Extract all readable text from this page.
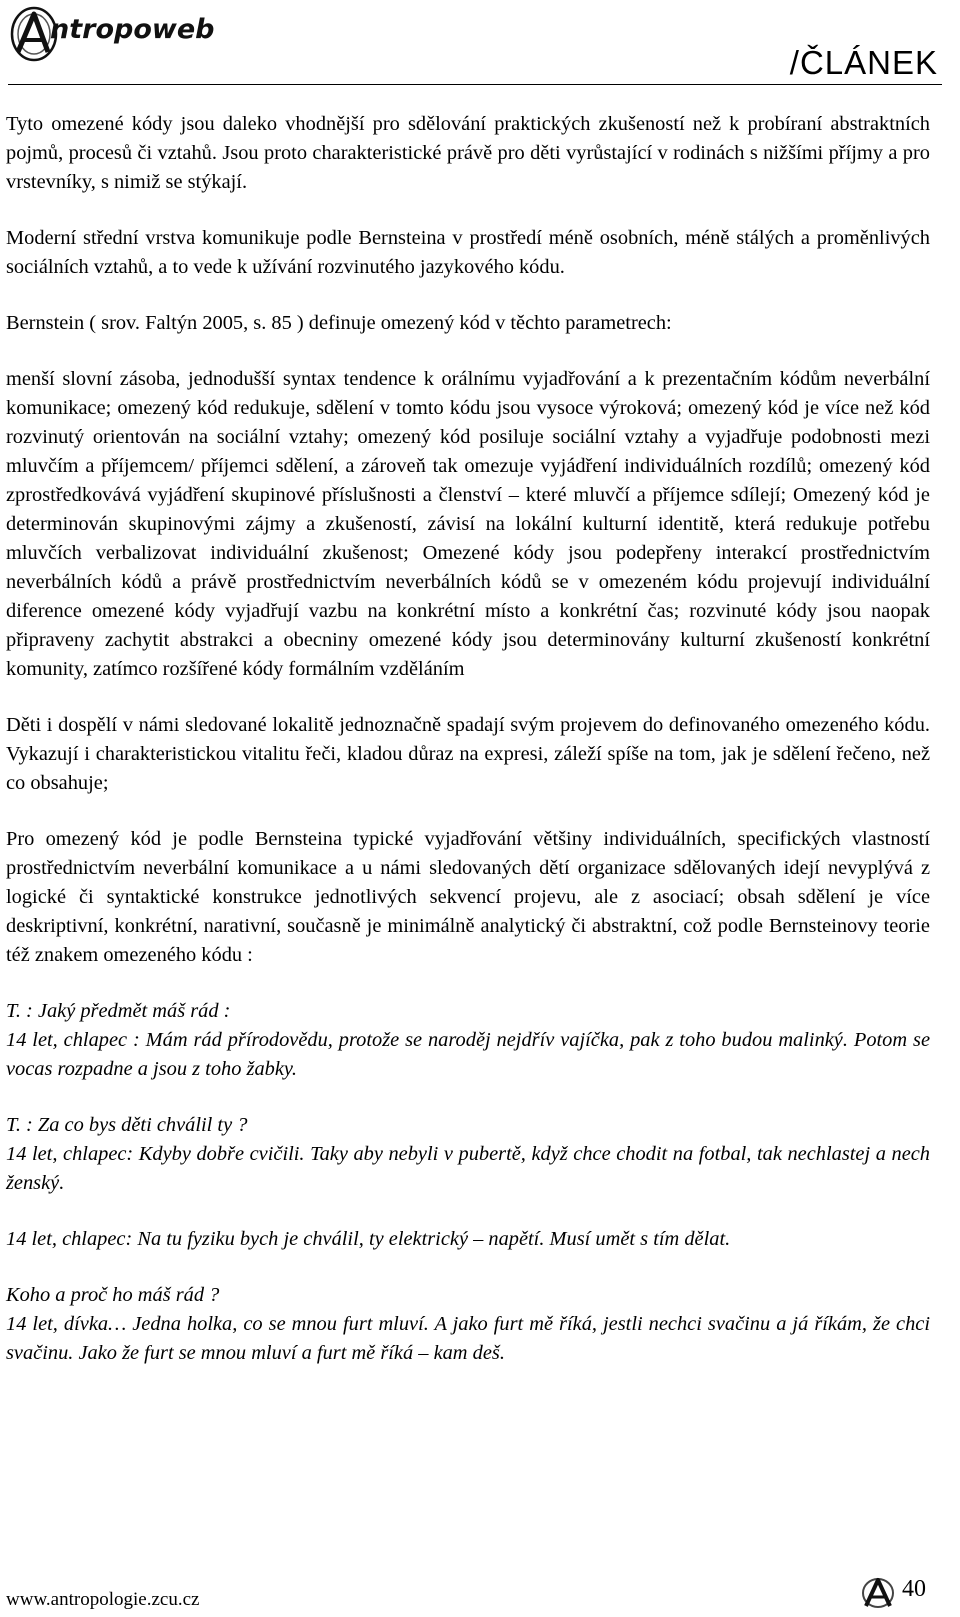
ntropoweb
/ČLÁNEK

Tyto omezené kódy jsou daleko vhodnější pro sdělování praktických zkušeností než k probíraní abstraktních pojmů, procesů či vztahů. Jsou proto charakteristické právě pro děti vyrůstající v rodinách s nižšími příjmy a pro vrstevníky, s nimiž se stýkají.

Moderní střední vrstva komunikuje podle Bernsteina v prostředí méně osobních, méně stálých a proměnlivých sociálních vztahů, a to vede k užívání rozvinutého jazykového kódu.

Bernstein ( srov. Faltýn 2005, s. 85 ) definuje omezený kód v těchto parametrech:

menší slovní zásoba, jednodušší syntax tendence k orálnímu vyjadřování a k prezentačním kódům neverbální komunikace; omezený kód redukuje, sdělení v tomto kódu jsou vysoce výroková; omezený kód je více než kód rozvinutý orientován na sociální vztahy; omezený kód posiluje sociální vztahy a vyjadřuje podobnosti mezi mluvčím a příjemcem/ příjemci sdělení, a zároveň tak omezuje vyjádření individuálních rozdílů; omezený kód zprostředkovává vyjádření skupinové příslušnosti a členství – které mluvčí a příjemce sdílejí; Omezený kód je determinován skupinovými zájmy a zkušeností, závisí na lokální kulturní identitě, která redukuje potřebu mluvčích verbalizovat individuální zkušenost; Omezené kódy jsou podepřeny interakcí prostřednictvím neverbálních kódů a právě prostřednictvím neverbálních kódů se v omezeném kódu projevují individuální diference omezené kódy vyjadřují vazbu na konkrétní místo a konkrétní čas; rozvinuté kódy jsou naopak připraveny zachytit abstrakci a obecniny omezené kódy jsou determinovány kulturní zkušeností konkrétní komunity, zatímco rozšířené kódy formálním vzděláním

Děti i dospělí v námi sledované lokalitě jednoznačně spadají svým projevem do definovaného omezeného kódu. Vykazují i charakteristickou vitalitu řeči, kladou důraz na expresi, záleží spíše na tom, jak je sdělení řečeno, než co obsahuje;

Pro omezený kód je podle Bernsteina typické vyjadřování většiny individuálních, specifických vlastností prostřednictvím neverbální komunikace a u námi sledovaných dětí organizace sdělovaných idejí nevyplývá z logické či syntaktické konstrukce jednotlivých sekvencí projevu, ale z asociací; obsah sdělení je více deskriptivní, konkrétní, narativní, současně je minimálně analytický či abstraktní, což podle Bernsteinovy teorie též znakem omezeného kódu :

T. : Jaký předmět máš rád :

14 let, chlapec : Mám rád přírodovědu, protože se naroděj nejdřív vajíčka, pak z toho budou malinký. Potom se vocas rozpadne a jsou z toho žabky.

T. : Za co bys děti chválil ty ?

14 let, chlapec: Kdyby dobře cvičili. Taky aby nebyli v pubertě, když chce chodit na fotbal, tak nechlastej a nech ženský.

14 let, chlapec: Na tu fyziku bych je chválil, ty elektrický – napětí. Musí umět s tím dělat.

Koho a proč ho máš rád ?

14 let, dívka… Jedna holka, co se mnou furt mluví. A jako furt mě říká, jestli nechci svačinu a já říkám, že chci svačinu. Jako že furt se mnou mluví a furt mě říká – kam deš.

www.antropologie.zcu.cz	40
